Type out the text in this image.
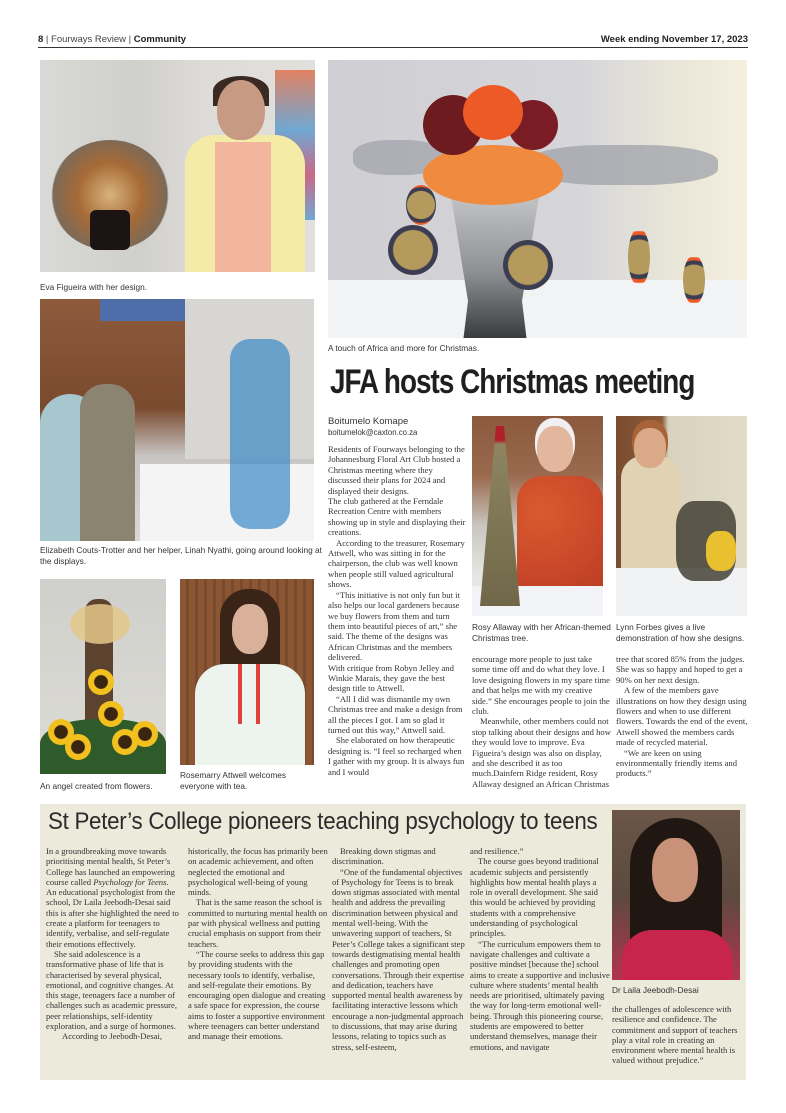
8 | Fourways Review | Community	Week ending November 17, 2023
Eva Figueira with her design.
A touch of Africa and more for Christmas.
Elizabeth Couts-Trotter and her helper, Linah Nyathi, going around looking at the displays.
An angel created from flowers.
Rosemarry Attwell welcomes everyone with tea.
JFA hosts Christmas meeting
Boitumelo Komape
boitumelok@caxton.co.za

Residents of Fourways belonging to the Johannesburg Floral Art Club hosted a Christmas meeting where they discussed their plans for 2024 and displayed their designs.

The club gathered at the Ferndale Recreation Centre with members showing up in style and displaying their creations.

According to the treasurer, Rosemary Attwell, who was sitting in for the chairperson, the club was well known when people still valued agricultural shows.

“This initiative is not only fun but it also helps our local gardeners because we buy flowers from them and turn them into beautiful pieces of art,” she said. The theme of the designs was African Christmas and the members delivered.

With critique from Robyn Jelley and Winkie Marais, they gave the best design title to Attwell.

“All I did was dismantle my own Christmas tree and make a design from all the pieces I got. I am so glad it turned out this way,” Attwell said.

She elaborated on how therapeutic designing is. “I feel so recharged when I gather with my group. It is always fun and I would

Rosy Allaway with her African-themed Christmas tree.

encourage more people to just take some time off and do what they love. I love designing flowers in my spare time and that helps me with my creative side.” She encourages people to join the club.

Meanwhile, other members could not stop talking about their designs and how they would love to improve. Eva Figueira’s design was also on display, and she described it as too much.Dainfern Ridge resident, Rosy Allaway designed an African Christmas

Lynn Forbes gives a live demonstration of how she designs.

tree that scored 85% from the judges. She was so happy and hoped to get a 90% on her next design.

A few of the members gave illustrations on how they design using flowers and when to use different flowers. Towards the end of the event, Atwell showed the members cards made of recycled material.

“We are keen on using environmentally friendly items and products.”

St Peter’s College pioneers teaching psychology to teens

In a groundbreaking move towards prioritising mental health, St Peter’s College has launched an empowering course called Psychology for Teens.

An educational psychologist from the school, Dr Laila Jeebodh-Desai said this is after she highlighted the need to create a platform for teenagers to identify, verbalise, and self-regulate their emotions effectively.

She said adolescence is a transformative phase of life that is characterised by several physical, emotional, and cognitive changes. At this stage, teenagers face a number of challenges such as academic pressure, peer relationships, self-identity exploration, and a surge of hormones.

According to Jeebodh-Desai,

historically, the focus has primarily been on academic achievement, and often neglected the emotional and psychological well-being of young minds.

That is the same reason the school is committed to nurturing mental health on par with physical wellness and putting crucial emphasis on support from their teachers.

“The course seeks to address this gap by providing students with the necessary tools to identify, verbalise, and self-regulate their emotions. By encouraging open dialogue and creating a safe space for expression, the course aims to foster a supportive environment where teenagers can better understand and manage their emotions.

Breaking down stigmas and discrimination.

“One of the fundamental objectives of Psychology for Teens is to break down stigmas associated with mental health and address the prevailing discrimination between physical and mental well-being. With the unwavering support of teachers, St Peter’s College takes a significant step towards destigmatising mental health challenges and promoting open conversations. Through their expertise and dedication, teachers have supported mental health awareness by facilitating interactive lessons which encourage a non-judgmental approach to discussions, that may arise during lessons, relating to topics such as stress, self-esteem,

and resilience.”

The course goes beyond traditional academic subjects and persistently highlights how mental health plays a role in overall development. She said this would be achieved by providing students with a comprehensive understanding of psychological principles.

“The curriculum empowers them to navigate challenges and cultivate a positive mindset [because the] school aims to create a supportive and inclusive culture where students’ mental health needs are prioritised, ultimately paving the way for long-term emotional well-being. Through this pioneering course, students are empowered to better understand themselves, manage their emotions, and navigate

Dr Laila Jeebodh-Desai

the challenges of adolescence with resilience and confidence. The commitment and support of teachers play a vital role in creating an environment where mental health is valued without prejudice.”
